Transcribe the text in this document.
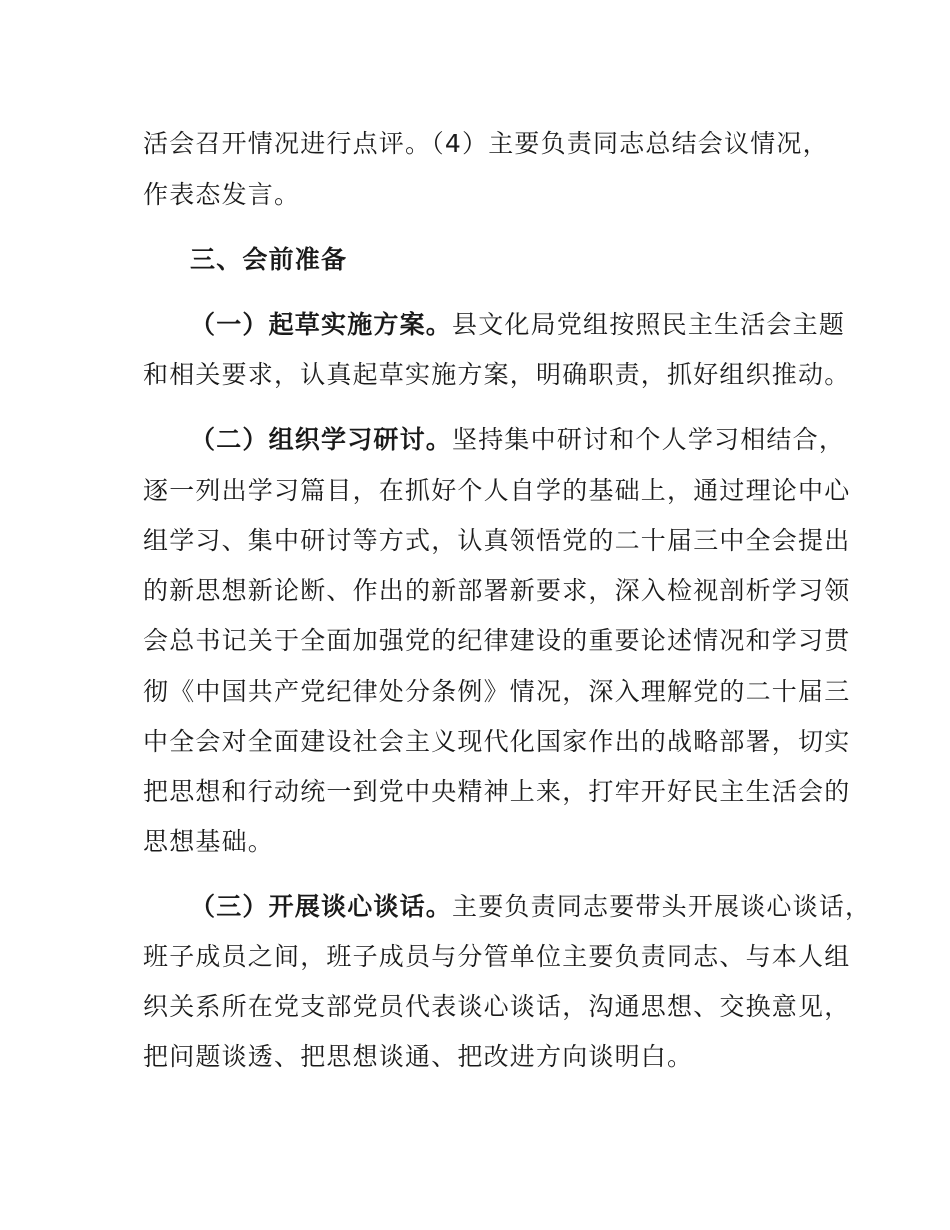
活会召开情况进行点评。（4）主要负责同志总结会议情况，
作表态发言。
三、会前准备
（一）起草实施方案。县文化局党组按照民主生活会主题
和相关要求，认真起草实施方案，明确职责，抓好组织推动。
（二）组织学习研讨。坚持集中研讨和个人学习相结合，
逐一列出学习篇目，在抓好个人自学的基础上，通过理论中心
组学习、集中研讨等方式，认真领悟党的二十届三中全会提出
的新思想新论断、作出的新部署新要求，深入检视剖析学习领
会总书记关于全面加强党的纪律建设的重要论述情况和学习贯
彻《中国共产党纪律处分条例》情况，深入理解党的二十届三
中全会对全面建设社会主义现代化国家作出的战略部署，切实
把思想和行动统一到党中央精神上来，打牢开好民主生活会的
思想基础。
（三）开展谈心谈话。主要负责同志要带头开展谈心谈话，
班子成员之间，班子成员与分管单位主要负责同志、与本人组
织关系所在党支部党员代表谈心谈话，沟通思想、交换意见，
把问题谈透、把思想谈通、把改进方向谈明白。
